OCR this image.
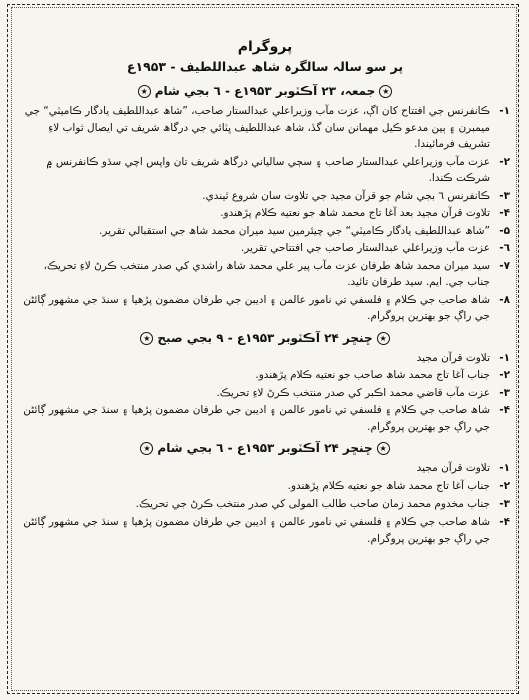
پروگرام
پر سو سالہ سالگرہ شاھ عبداللطیف - ۱۹۵۳ع
★جمعہ، ۲۳ آڪٽوبر ۱۹۵۳ع - ٦ بجي شام★
۱-
ڪانفرنس جي افتتاح کان اڳ، عزت مآب وزيراعلي عبدالستار صاحب، ”شاھ عبداللطيف يادگار ڪاميٽي“ جي ميمبرن ۽ ٻين مدعو ڪيل مھمانن سان گڏ، شاھ عبداللطيف ڀٽائي جي درگاھ شريف تي ايصال ثواب لاءِ تشريف فرمائيندا.
۲-
عزت مآب وزيراعلي عبدالستار صاحب ۽ سڄي سالياني درگاھ شريف تان واپس اچي سڌو ڪانفرنس ۾ شرڪت ڪندا.
۳-
ڪانفرنس ٦ بجي شام جو قرآن مجيد جي تلاوت سان شروع ٿيندي.
۴-
تلاوت قرآن مجيد بعد آغا تاج محمد شاھ جو نعتيه ڪلام پڙھندو.
۵-
”شاھ عبداللطيف يادگار ڪاميٽي“ جي چيئرمين سيد ميران محمد شاھ جي استقبالي تقرير.
٦-
عزت مآب وزيراعلي عبدالستار صاحب جي افتتاحي تقرير.
۷-
سيد ميران محمد شاھ طرفان عزت مآب پير علي محمد شاھ راشدي کي صدر منتخب ڪرڻ لاءِ تحريڪ، جناب جي. ايم. سيد طرفان تائيد.
۸-
شاھ صاحب جي ڪلام ۽ فلسفي تي نامور عالمن ۽ اديبن جي طرفان مضمون پڙھيا ۽ سنڌ جي مشھور ڳائڻن جي راڳ جو بھترين پروگرام.
★ڇنڇر ۲۴ آڪٽوبر ۱۹۵۳ع - ۹ بجي صبح★
۱-
تلاوت قرآن مجيد
۲-
جناب آغا تاج محمد شاھ صاحب جو نعتيه ڪلام پڙھندو.
۳-
عزت مآب قاضي محمد اڪبر کي صدر منتخب ڪرڻ لاءِ تحريڪ.
۴-
شاھ صاحب جي ڪلام ۽ فلسفي تي نامور عالمن ۽ اديبن جي طرفان مضمون پڙھيا ۽ سنڌ جي مشھور ڳائڻن جي راڳ جو بھترين پروگرام.
★ڇنڇر ۲۴ آڪٽوبر ۱۹۵۳ع - ٦ بجي شام★
۱-
تلاوت قرآن مجيد
۲-
جناب آغا تاج محمد شاھ جو نعتيه ڪلام پڙھندو.
۳-
جناب مخدوم محمد زمان صاحب طالب المولى کي صدر منتخب ڪرڻ جي تحريڪ.
۴-
شاھ صاحب جي ڪلام ۽ فلسفي تي نامور عالمن ۽ اديبن جي طرفان مضمون پڙھيا ۽ سنڌ جي مشھور ڳائڻن جي راڳ جو بھترين پروگرام.
